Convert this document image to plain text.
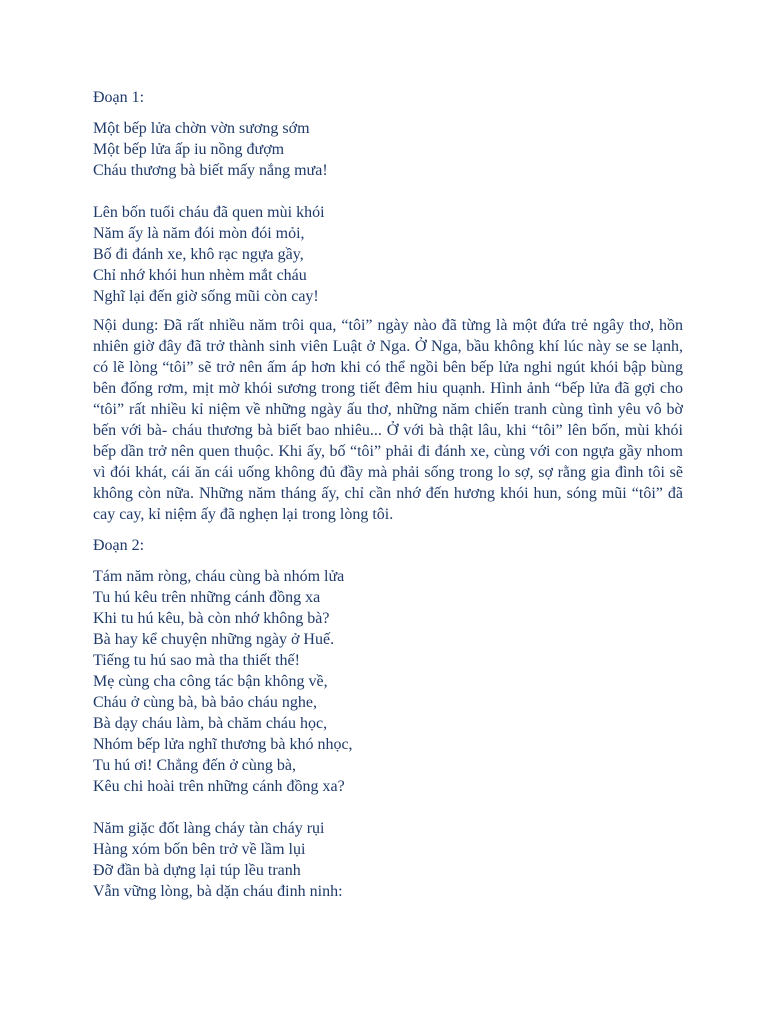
Đoạn 1:
Một bếp lửa chờn vờn sương sớm
Một bếp lửa ấp iu nồng đượm
Cháu thương bà biết mấy nắng mưa!
Lên bốn tuổi cháu đã quen mùi khói
Năm ấy là năm đói mòn đói mỏi,
Bố đi đánh xe, khô rạc ngựa gầy,
Chỉ nhớ khói hun nhèm mắt cháu
Nghĩ lại đến giờ sống mũi còn cay!
Nội dung: Đã rất nhiều năm trôi qua, “tôi” ngày nào đã từng là một đứa trẻ ngây thơ, hồn nhiên giờ đây đã trở thành sinh viên Luật ở Nga. Ở Nga, bầu không khí lúc này se se lạnh, có lẽ lòng “tôi” sẽ trở nên ấm áp hơn khi có thể ngồi bên bếp lửa nghi ngút khói bập bùng bên đống rơm, mịt mờ khói sương trong tiết đêm hiu quạnh. Hình ảnh “bếp lửa đã gợi cho “tôi” rất nhiều kỉ niệm về những ngày ấu thơ, những năm chiến tranh cùng tình yêu vô bờ bến với bà- cháu thương bà biết bao nhiêu... Ở với bà thật lâu, khi “tôi” lên bốn, mùi khói bếp dần trở nên quen thuộc. Khi ấy, bố “tôi” phải đi đánh xe, cùng với con ngựa gầy nhom vì đói khát, cái ăn cái uống không đủ đầy mà phải sống trong lo sợ, sợ rằng gia đình tôi sẽ không còn nữa. Những năm tháng ấy, chỉ cần nhớ đến hương khói hun, sóng mũi “tôi” đã cay cay, kỉ niệm ấy đã nghẹn lại trong lòng tôi.
Đoạn 2:
Tám năm ròng, cháu cùng bà nhóm lửa
Tu hú kêu trên những cánh đồng xa
Khi tu hú kêu, bà còn nhớ không bà?
Bà hay kể chuyện những ngày ở Huế.
Tiếng tu hú sao mà tha thiết thế!
Mẹ cùng cha công tác bận không về,
Cháu ở cùng bà, bà bảo cháu nghe,
Bà dạy cháu làm, bà chăm cháu học,
Nhóm bếp lửa nghĩ thương bà khó nhọc,
Tu hú ơi! Chẳng đến ở cùng bà,
Kêu chi hoài trên những cánh đồng xa?
Năm giặc đốt làng cháy tàn cháy rụi
Hàng xóm bốn bên trở về lầm lụi
Đỡ đần bà dựng lại túp lều tranh
Vẫn vững lòng, bà dặn cháu đinh ninh:
